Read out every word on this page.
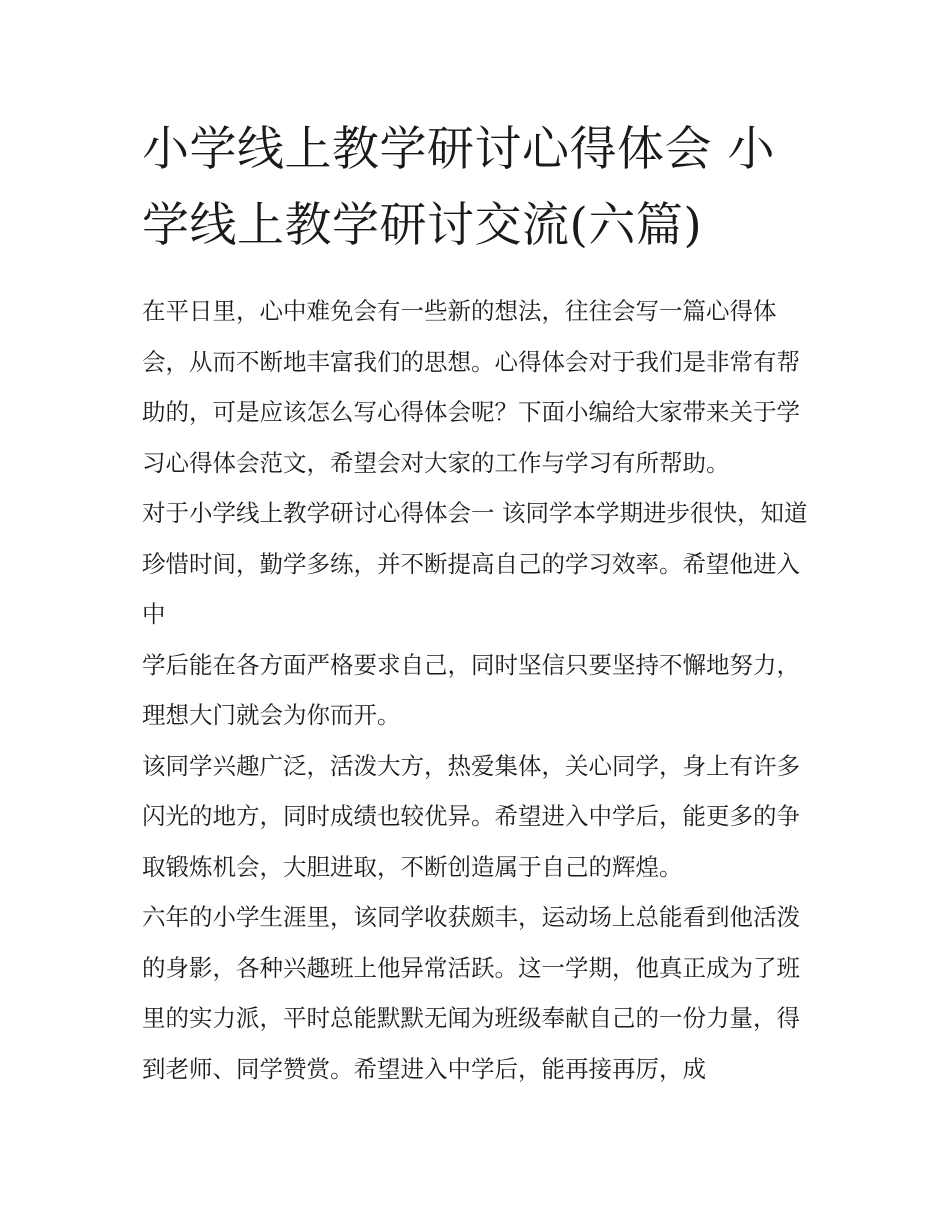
小学线上教学研讨心得体会 小学线上教学研讨交流(六篇)

在平日里，心中难免会有一些新的想法，往往会写一篇心得体会，从而不断地丰富我们的思想。心得体会对于我们是非常有帮助的，可是应该怎么写心得体会呢？下面小编给大家带来关于学习心得体会范文，希望会对大家的工作与学习有所帮助。

对于小学线上教学研讨心得体会一 该同学本学期进步很快，知道珍惜时间，勤学多练，并不断提高自己的学习效率。希望他进入中

学后能在各方面严格要求自己，同时坚信只要坚持不懈地努力，理想大门就会为你而开。

该同学兴趣广泛，活泼大方，热爱集体，关心同学，身上有许多闪光的地方，同时成绩也较优异。希望进入中学后，能更多的争取锻炼机会，大胆进取，不断创造属于自己的辉煌。

六年的小学生涯里，该同学收获颇丰，运动场上总能看到他活泼的身影，各种兴趣班上他异常活跃。这一学期，他真正成为了班里的实力派，平时总能默默无闻为班级奉献自己的一份力量，得到老师、同学赞赏。希望进入中学后，能再接再厉，成
